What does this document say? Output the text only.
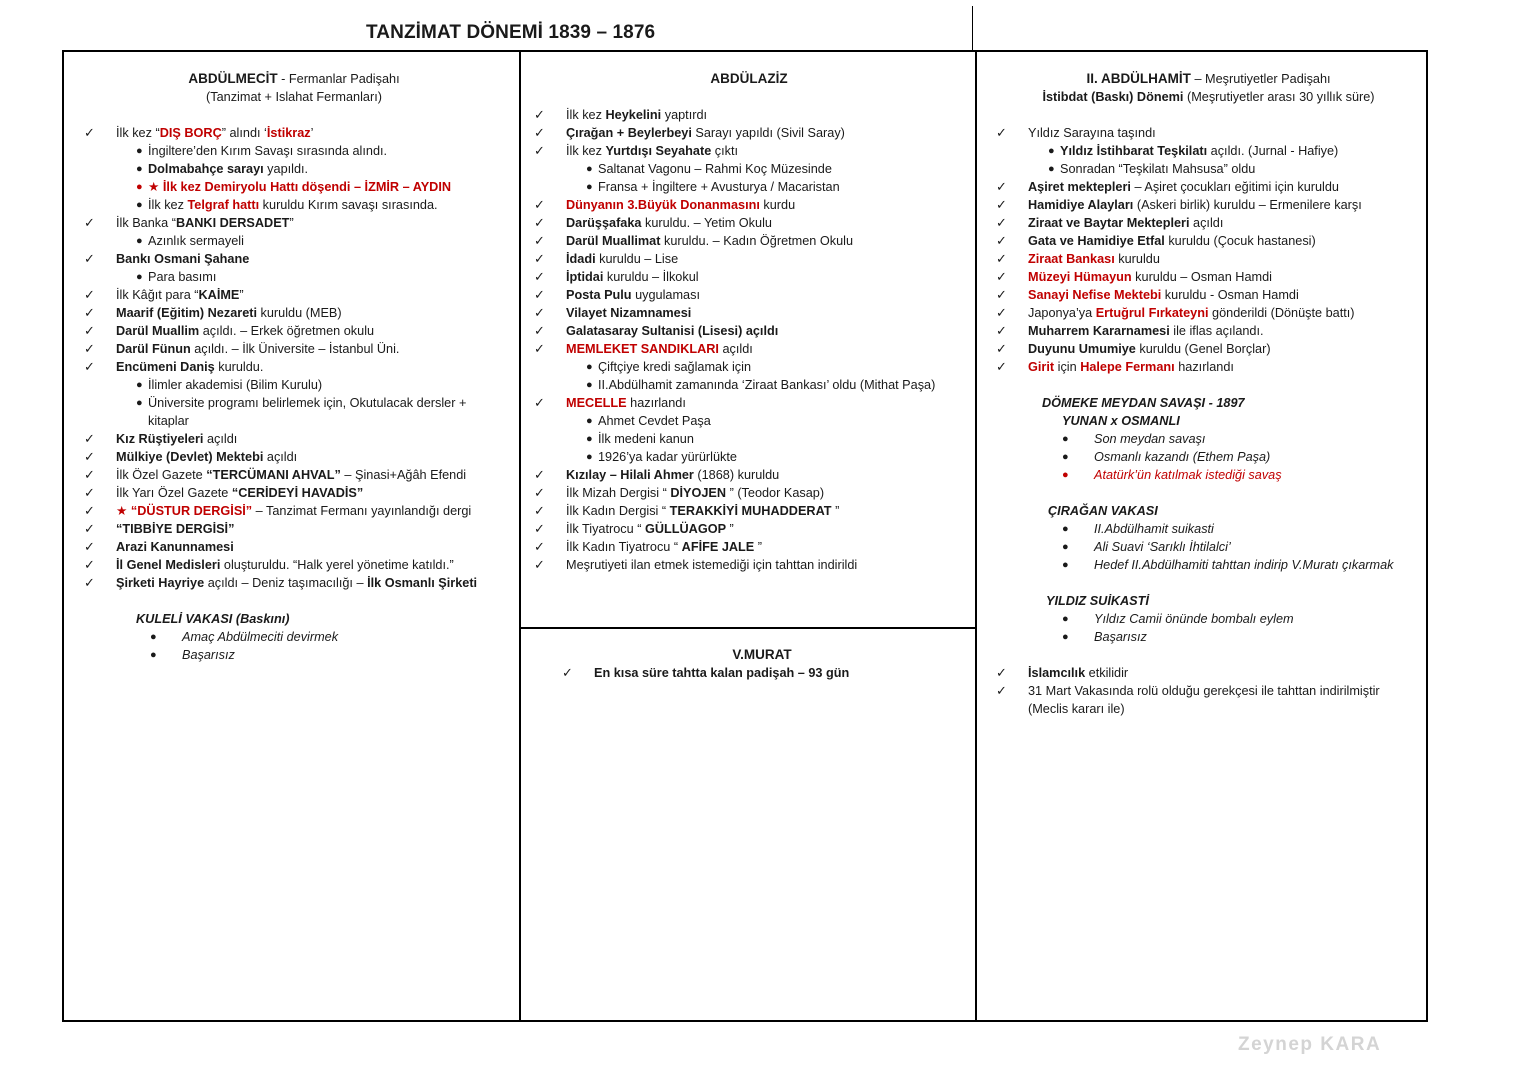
TANZİMAT DÖNEMİ 1839 – 1876
ABDÜLMECİT - Fermanlar Padişahı
(Tanzimat + Islahat Fermanları)
✓	İlk kez “DIŞ BORÇ” alındı ‘İstikraz’
● İngiltere’den Kırım Savaşı sırasında alındı.
● Dolmabahçe sarayı yapıldı.
● ★ İlk kez Demiryolu Hattı döşendi – İZMİR – AYDIN
● İlk kez Telgraf hattı kuruldu Kırım savaşı sırasında.
✓	İlk Banka “BANKI DERSADET”
● Azınlık sermayeli
✓	Bankı Osmani Şahane
● Para basımı
✓	İlk Kâğıt para “KAİME”
✓	Maarif (Eğitim) Nezareti kuruldu (MEB)
✓	Darül Muallim açıldı. – Erkek öğretmen okulu
✓	Darül Fünun açıldı. – İlk Üniversite – İstanbul Üni.
✓	Encümeni Daniş kuruldu.
● İlimler akademisi (Bilim Kurulu)
● Üniversite programı belirlemek için, Okutulacak dersler + kitaplar
✓	Kız Rüştiyeleri açıldı
✓	Mülkiye (Devlet) Mektebi açıldı
✓	İlk Özel Gazete “TERCÜMANI AHVAL” – Şinasi+Ağâh Efendi
✓	İlk Yarı Özel Gazete “CERİDEYİ HAVADİS”
✓	★ “DÜSTUR DERGİSİ” – Tanzimat Fermanı yayınlandığı dergi
✓	“TIBBİYE DERGİSİ”
✓	Arazi Kanunnamesi
✓	İl Genel Medisleri oluşturuldu. “Halk yerel yönetime katıldı.”
✓	Şirketi Hayriye açıldı – Deniz taşımacılığı – İlk Osmanlı Şirketi
KULELİ VAKASI (Baskını)
● Amaç Abdülmeciti devirmek
● Başarısız
ABDÜLAZİZ
✓	İlk kez Heykelini yaptırdı
✓	Çırağan + Beylerbeyi Sarayı yapıldı (Sivil Saray)
✓	İlk kez Yurtdışı Seyahate çıktı
● Saltanat Vagonu – Rahmi Koç Müzesinde
● Fransa + İngiltere + Avusturya / Macaristan
✓	Dünyanın 3.Büyük Donanmasını kurdu
✓	Darüşşafaka kuruldu. – Yetim Okulu
✓	Darül Muallimat kuruldu. – Kadın Öğretmen Okulu
✓	İdadi kuruldu – Lise
✓	İptidai kuruldu – İlkokul
✓	Posta Pulu uygulaması
✓	Vilayet Nizamnamesi
✓	Galatasaray Sultanisi (Lisesi) açıldı
✓	MEMLEKET SANDIKLARI açıldı
● Çiftçiye kredi sağlamak için
● II.Abdülhamit zamanında ‘Ziraat Bankası’ oldu (Mithat Paşa)
✓	MECELLE hazırlandı
● Ahmet Cevdet Paşa
● İlk medeni kanun
● 1926’ya kadar yürürlükte
✓	Kızılay – Hilali Ahmer (1868) kuruldu
✓	İlk Mizah Dergisi “ DİYOJEN ” (Teodor Kasap)
✓	İlk Kadın Dergisi “ TERAKKİYİ MUHADDERAT ”
✓	İlk Tiyatrocu “ GÜLLÜAGOP ”
✓	İlk Kadın Tiyatrocu “ AFİFE JALE ”
✓	Meşrutiyeti ilan etmek istemediği için tahttan indirildi
V.MURAT
✓	En kısa süre tahtta kalan padişah – 93 gün
II. ABDÜLHAMİT – Meşrutiyetler Padişahı
İstibdat (Baskı) Dönemi (Meşrutiyetler arası 30 yıllık süre)
✓	Yıldız Sarayına taşındı
● Yıldız İstihbarat Teşkilatı açıldı. (Jurnal - Hafiye)
● Sonradan “Teşkilatı Mahsusa” oldu
✓	Aşiret mektepleri – Aşiret çocukları eğitimi için kuruldu
✓	Hamidiye Alayları (Askeri birlik) kuruldu – Ermenilere karşı
✓	Ziraat ve Baytar Mektepleri açıldı
✓	Gata ve Hamidiye Etfal kuruldu (Çocuk hastanesi)
✓	Ziraat Bankası kuruldu
✓	Müzeyi Hümayun kuruldu – Osman Hamdi
✓	Sanayi Nefise Mektebi kuruldu - Osman Hamdi
✓	Japonya’ya Ertuğrul Fırkateyni gönderildi (Dönüşte battı)
✓	Muharrem Kararnamesi ile iflas açılandı.
✓	Duyunu Umumiye kuruldu (Genel Borçlar)
✓	Girit için Halepe Fermanı hazırlandı
DÖMEKE MEYDAN SAVAŞI - 1897
YUNAN x OSMANLI
● Son meydan savaşı
● Osmanlı kazandı (Ethem Paşa)
● Atatürk’ün katılmak istediği savaş
ÇIRAĞAN VAKASI
● II.Abdülhamit suikasti
● Ali Suavi ‘Sarıklı İhtilalci’
● Hedef II.Abdülhamiti tahttan indirip V.Muratı çıkarmak
YILDIZ SUİKASTİ
● Yıldız Camii önünde bombalı eylem
● Başarısız
✓	İslamcılık etkilidir
✓	31 Mart Vakasında rolü olduğu gerekçesi ile tahttan indirilmiştir
(Meclis kararı ile)
Zeynep KARA
